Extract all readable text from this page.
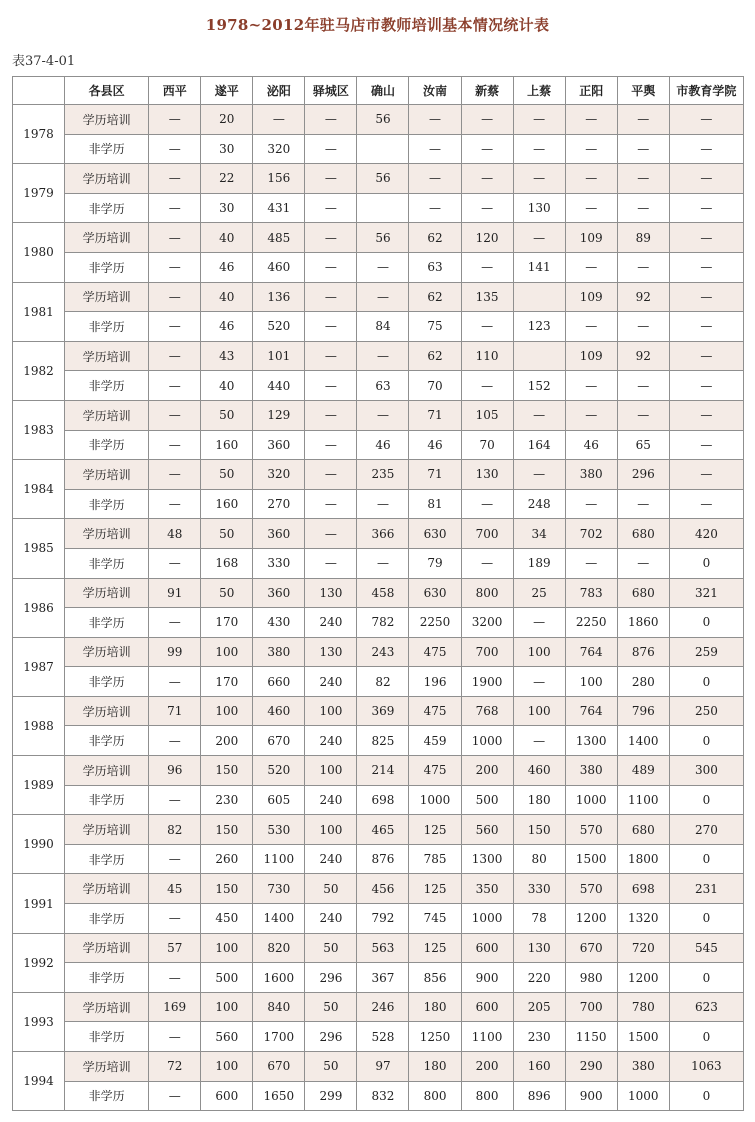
1978~2012年驻马店市教师培训基本情况统计表
表37-4-01
	各县区	西平	遂平	泌阳	驿城区	确山	汝南	新蔡	上蔡	正阳	平舆	市教育学院
1978	学历培训	—	20	—	—	56	—	—	—	—	—	—
	非学历	—	30	320	—		—	—	—	—	—	—
1979	学历培训	—	22	156	—	56	—	—	—	—	—	—
	非学历	—	30	431	—		—	—	130	—	—	—
1980	学历培训	—	40	485	—	56	62	120	—	109	89	—
	非学历	—	46	460	—	—	63	—	141	—	—	—
1981	学历培训	—	40	136	—	—	62	135		109	92	—
	非学历	—	46	520	—	84	75	—	123	—	—	—
1982	学历培训	—	43	101	—	—	62	110		109	92	—
	非学历	—	40	440	—	63	70	—	152	—	—	—
1983	学历培训	—	50	129	—	—	71	105	—	—	—	—
	非学历	—	160	360	—	46	46	70	164	46	65	—
1984	学历培训	—	50	320	—	235	71	130	—	380	296	—
	非学历	—	160	270	—	—	81	—	248	—	—	—
1985	学历培训	48	50	360	—	366	630	700	34	702	680	420
	非学历	—	168	330	—	—	79	—	189	—	—	0
1986	学历培训	91	50	360	130	458	630	800	25	783	680	321
	非学历	—	170	430	240	782	2250	3200	—	2250	1860	0
1987	学历培训	99	100	380	130	243	475	700	100	764	876	259
	非学历	—	170	660	240	82	196	1900	—	100	280	0
1988	学历培训	71	100	460	100	369	475	768	100	764	796	250
	非学历	—	200	670	240	825	459	1000	—	1300	1400	0
1989	学历培训	96	150	520	100	214	475	200	460	380	489	300
	非学历	—	230	605	240	698	1000	500	180	1000	1100	0
1990	学历培训	82	150	530	100	465	125	560	150	570	680	270
	非学历	—	260	1100	240	876	785	1300	80	1500	1800	0
1991	学历培训	45	150	730	50	456	125	350	330	570	698	231
	非学历	—	450	1400	240	792	745	1000	78	1200	1320	0
1992	学历培训	57	100	820	50	563	125	600	130	670	720	545
	非学历	—	500	1600	296	367	856	900	220	980	1200	0
1993	学历培训	169	100	840	50	246	180	600	205	700	780	623
	非学历	—	560	1700	296	528	1250	1100	230	1150	1500	0
1994	学历培训	72	100	670	50	97	180	200	160	290	380	1063
	非学历	—	600	1650	299	832	800	800	896	900	1000	0
